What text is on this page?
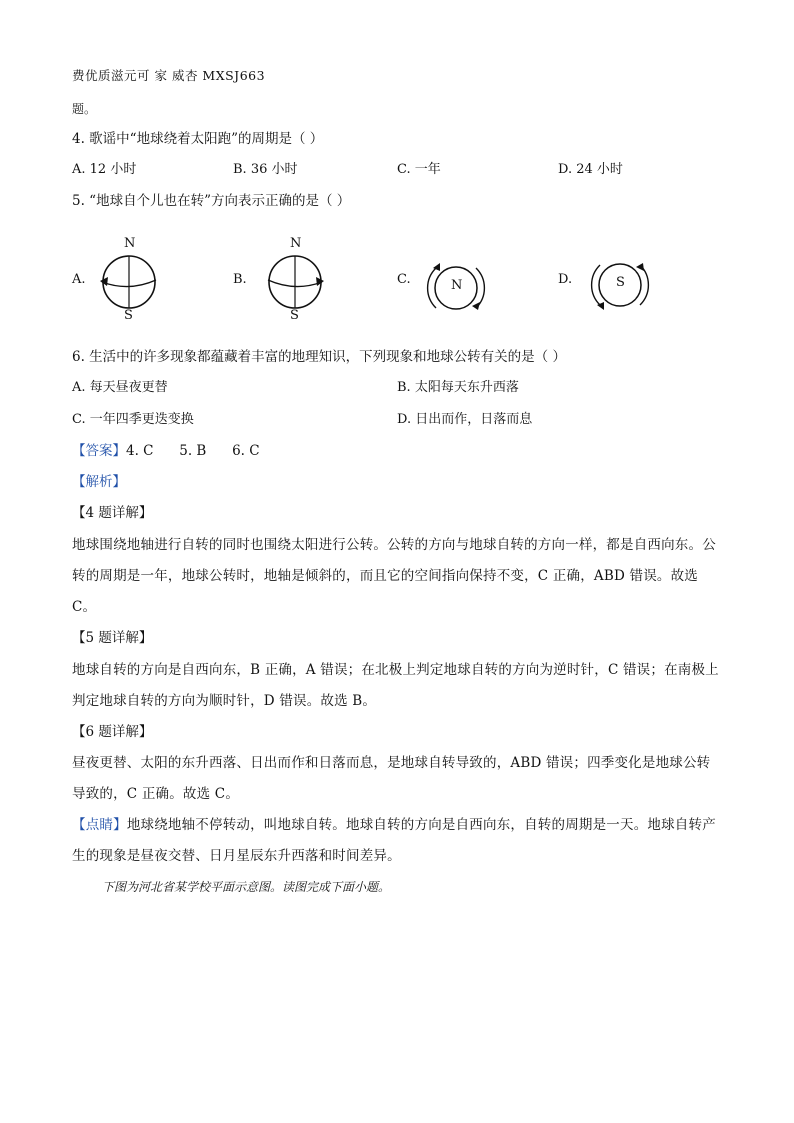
费优质滋元可 家 威杏 MXSJ663
题。
4. 歌谣中“地球绕着太阳跑”的周期是（ ）
A. 12 小时	B. 36 小时	C. 一年	D. 24 小时
5. “地球自个儿也在转”方向表示正确的是（ ）
A.	B.	C.	D.
N
S
N
S
N	S
6. 生活中的许多现象都蕴藏着丰富的地理知识，下列现象和地球公转有关的是（ ）
A. 每天昼夜更替	B. 太阳每天东升西落
C. 一年四季更迭变换	D. 日出而作，日落而息
【答案】4. C      5. B      6. C
【解析】
【4 题详解】
地球围绕地轴进行自转的同时也围绕太阳进行公转。公转的方向与地球自转的方向一样，都是自西向东。公转的周期是一年，地球公转时，地轴是倾斜的，而且它的空间指向保持不变，C 正确，ABD 错误。故选 C。
【5 题详解】
地球自转的方向是自西向东，B 正确，A 错误；在北极上判定地球自转的方向为逆时针，C 错误；在南极上判定地球自转的方向为顺时针，D 错误。故选 B。
【6 题详解】
昼夜更替、太阳的东升西落、日出而作和日落而息，是地球自转导致的，ABD 错误；四季变化是地球公转导致的，C 正确。故选 C。
【点睛】地球绕地轴不停转动，叫地球自转。地球自转的方向是自西向东，自转的周期是一天。地球自转产生的现象是昼夜交替、日月星辰东升西落和时间差异。
下图为河北省某学校平面示意图。读图完成下面小题。
